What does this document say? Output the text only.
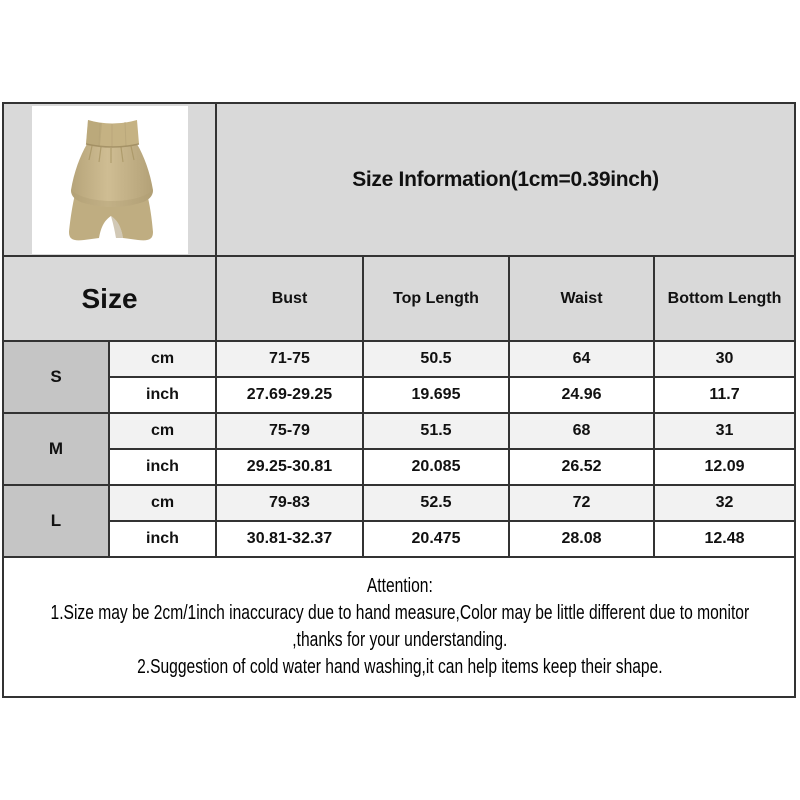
	Size Information(1cm=0.39inch)			
Size		Bust	Top Length	Waist	Bottom Length
S	cm	71-75	50.5	64	30
	inch	27.69-29.25	19.695	24.96	11.7
M	cm	75-79	51.5	68	31
	inch	29.25-30.81	20.085	26.52	12.09
L	cm	79-83	52.5	72	32
	inch	30.81-32.37	20.475	28.08	12.48

Attention:
1.Size may be 2cm/1inch inaccuracy due to hand measure,Color may be little different due to monitor
,thanks for your understanding.
2.Suggestion of cold water hand washing,it can help items keep their shape.					
